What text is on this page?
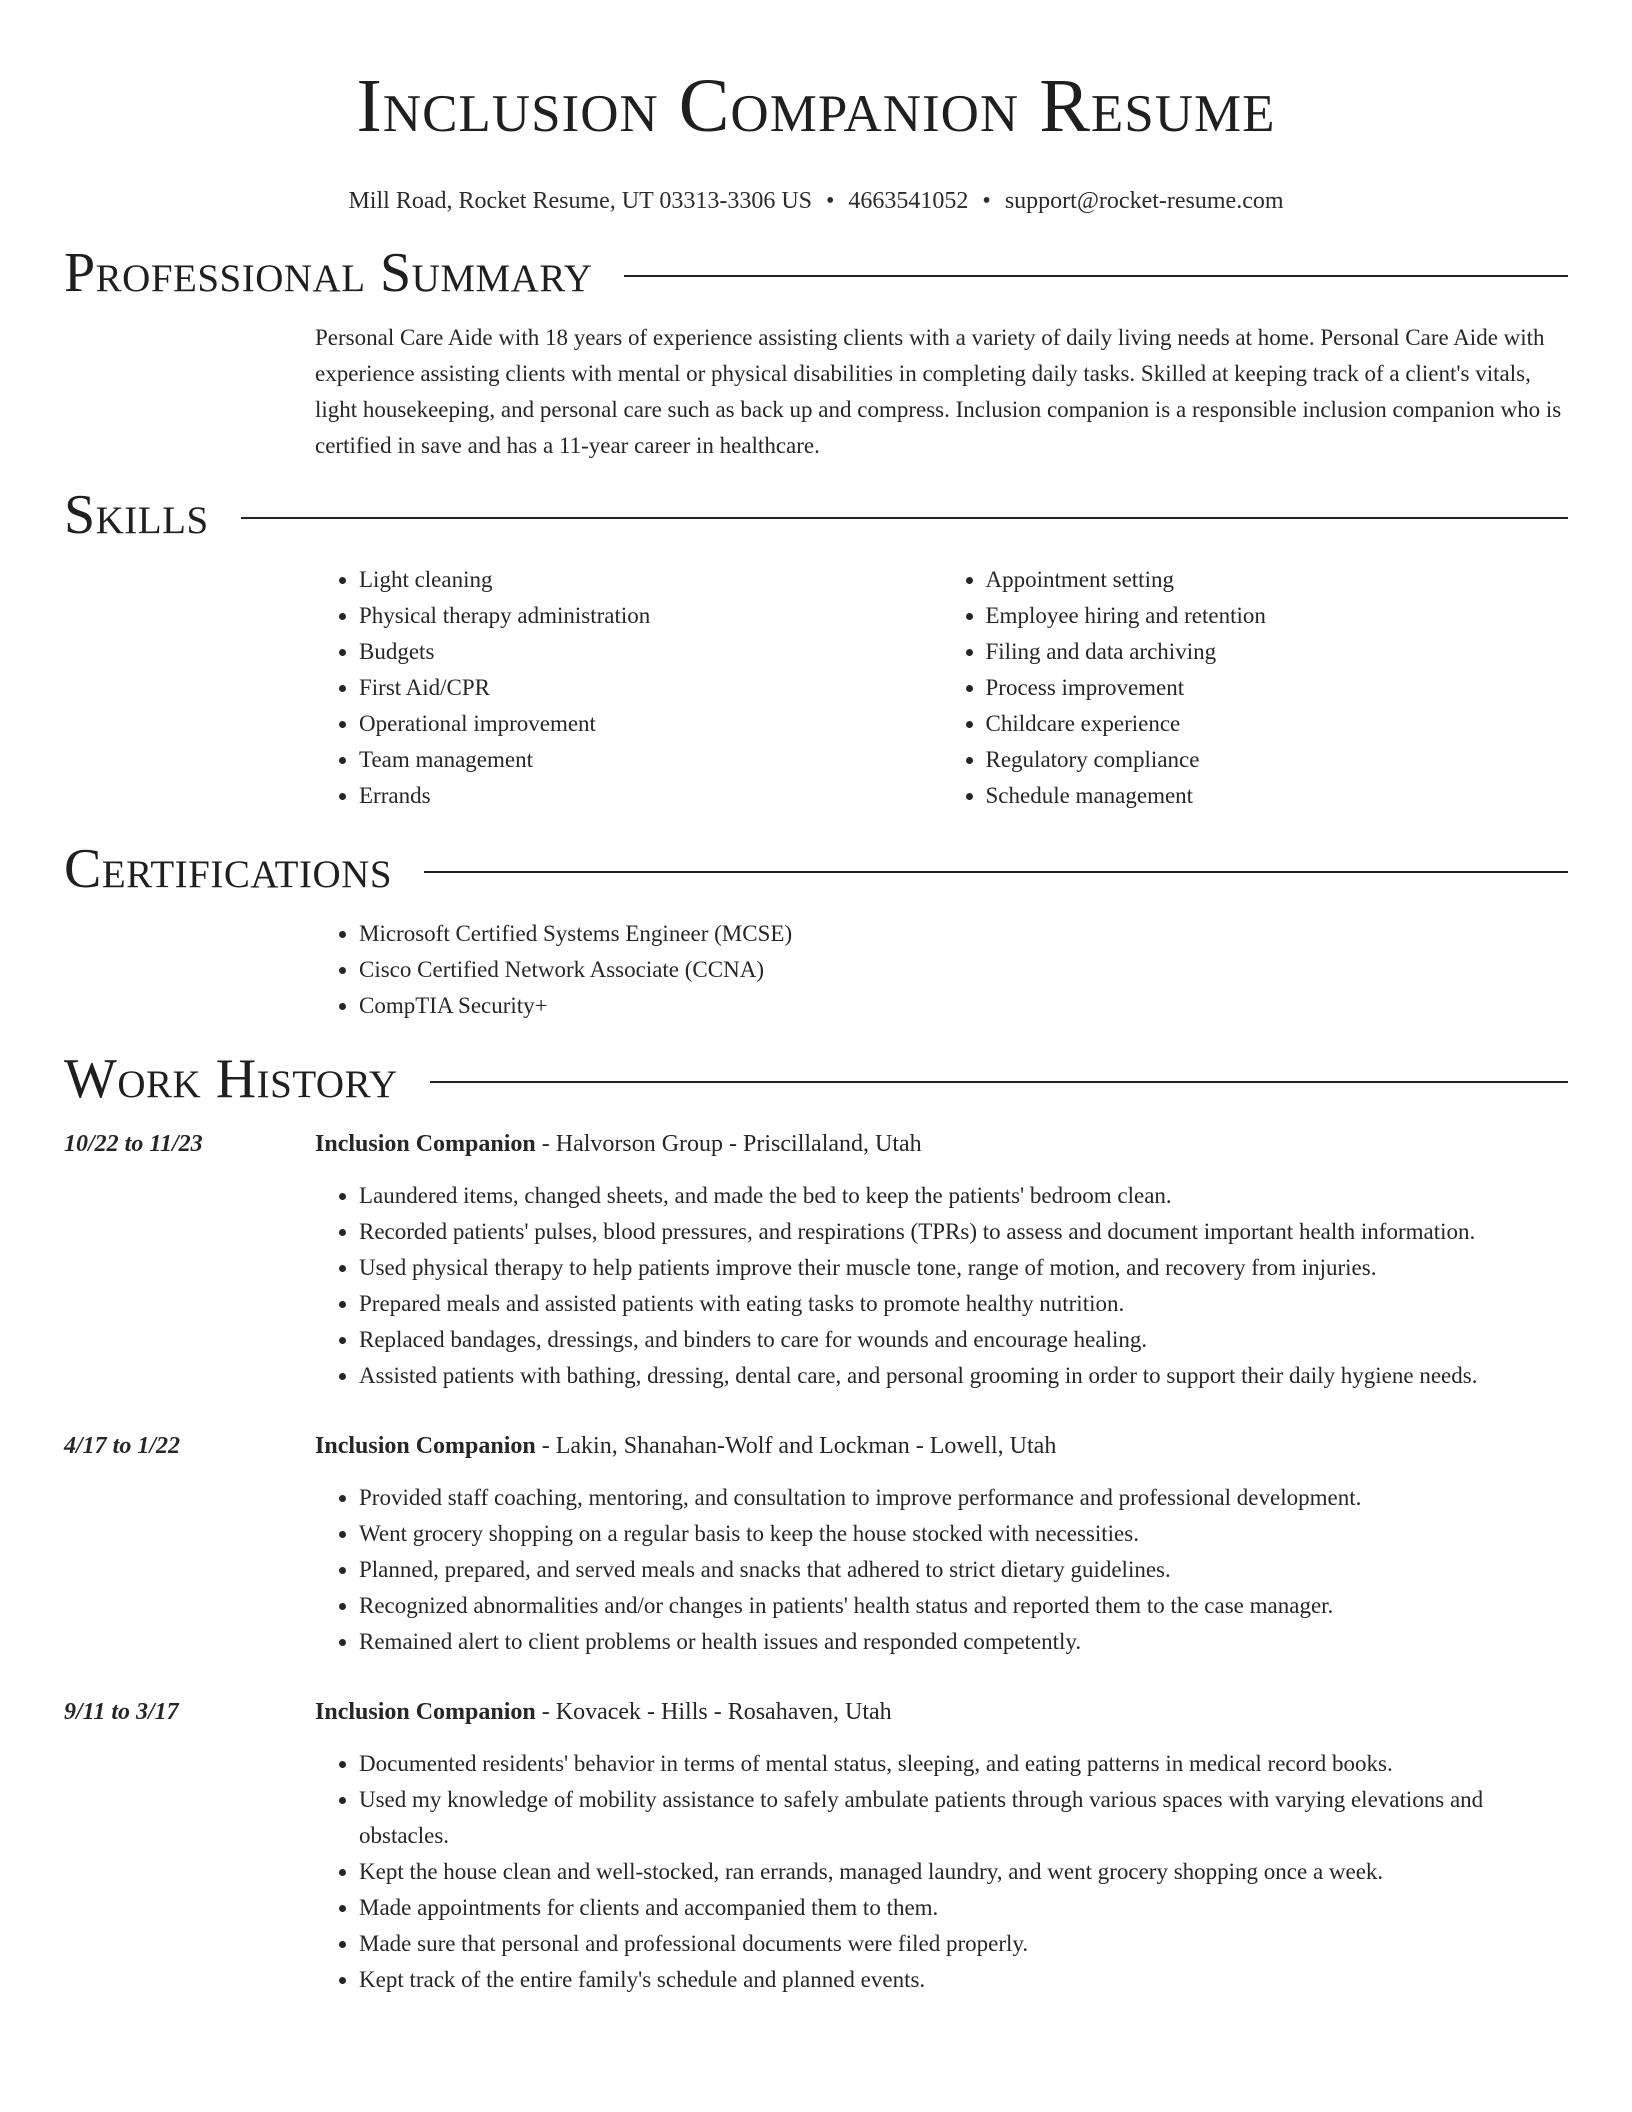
Inclusion Companion Resume
Mill Road, Rocket Resume, UT 03313-3306 US • 4663541052 • support@rocket-resume.com
Professional Summary
Personal Care Aide with 18 years of experience assisting clients with a variety of daily living needs at home. Personal Care Aide with experience assisting clients with mental or physical disabilities in completing daily tasks. Skilled at keeping track of a client's vitals, light housekeeping, and personal care such as back up and compress. Inclusion companion is a responsible inclusion companion who is certified in save and has a 11-year career in healthcare.
Skills
• Light cleaning
• Physical therapy administration
• Budgets
• First Aid/CPR
• Operational improvement
• Team management
• Errands
• Appointment setting
• Employee hiring and retention
• Filing and data archiving
• Process improvement
• Childcare experience
• Regulatory compliance
• Schedule management
Certifications
• Microsoft Certified Systems Engineer (MCSE)
• Cisco Certified Network Associate (CCNA)
• CompTIA Security+
Work History
10/22 to 11/23	Inclusion Companion - Halvorson Group - Priscillaland, Utah
• Laundered items, changed sheets, and made the bed to keep the patients' bedroom clean.
• Recorded patients' pulses, blood pressures, and respirations (TPRs) to assess and document important health information.
• Used physical therapy to help patients improve their muscle tone, range of motion, and recovery from injuries.
• Prepared meals and assisted patients with eating tasks to promote healthy nutrition.
• Replaced bandages, dressings, and binders to care for wounds and encourage healing.
• Assisted patients with bathing, dressing, dental care, and personal grooming in order to support their daily hygiene needs.
4/17 to 1/22	Inclusion Companion - Lakin, Shanahan-Wolf and Lockman - Lowell, Utah
• Provided staff coaching, mentoring, and consultation to improve performance and professional development.
• Went grocery shopping on a regular basis to keep the house stocked with necessities.
• Planned, prepared, and served meals and snacks that adhered to strict dietary guidelines.
• Recognized abnormalities and/or changes in patients' health status and reported them to the case manager.
• Remained alert to client problems or health issues and responded competently.
9/11 to 3/17	Inclusion Companion - Kovacek - Hills - Rosahaven, Utah
• Documented residents' behavior in terms of mental status, sleeping, and eating patterns in medical record books.
• Used my knowledge of mobility assistance to safely ambulate patients through various spaces with varying elevations and obstacles.
• Kept the house clean and well-stocked, ran errands, managed laundry, and went grocery shopping once a week.
• Made appointments for clients and accompanied them to them.
• Made sure that personal and professional documents were filed properly.
• Kept track of the entire family's schedule and planned events.
